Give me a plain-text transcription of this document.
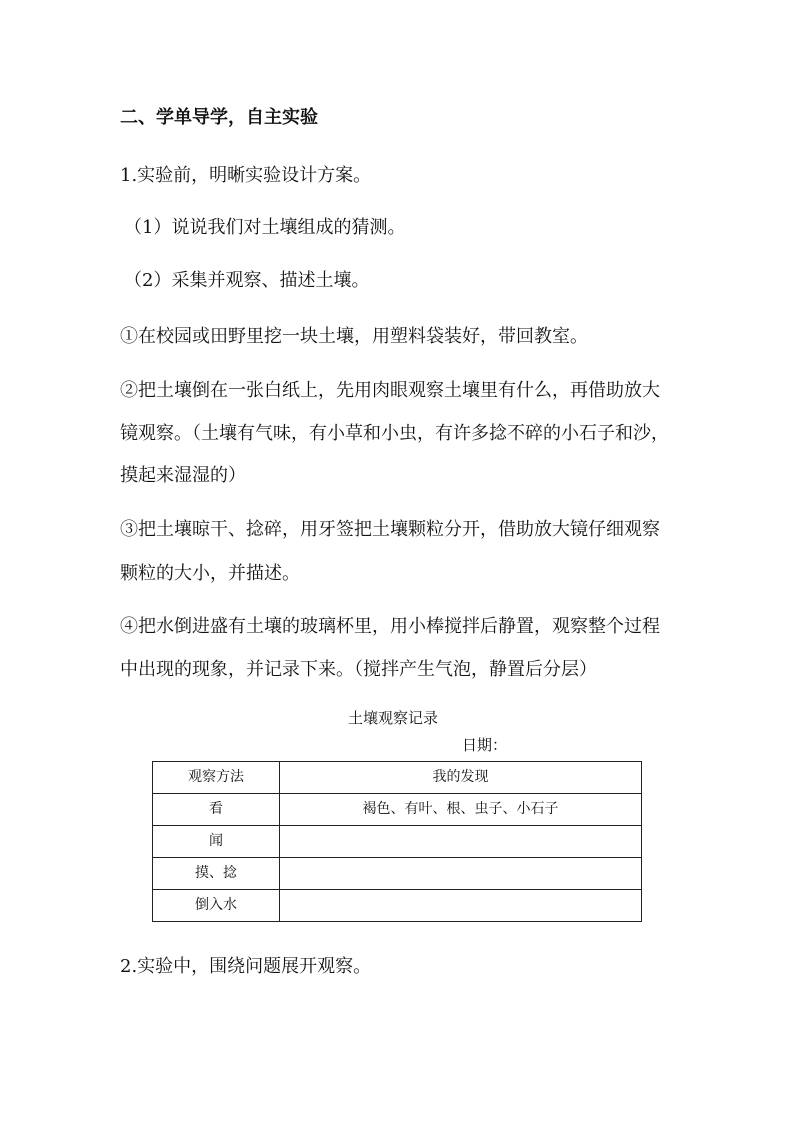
二、学单导学，自主实验
1.实验前，明晰实验设计方案。
（1）说说我们对土壤组成的猜测。
（2）采集并观察、描述土壤。
①在校园或田野里挖一块土壤，用塑料袋装好，带回教室。
②把土壤倒在一张白纸上，先用肉眼观察土壤里有什么，再借助放大
镜观察。（土壤有气味，有小草和小虫，有许多捻不碎的小石子和沙，
摸起来湿湿的）
③把土壤晾干、捻碎，用牙签把土壤颗粒分开，借助放大镜仔细观察
颗粒的大小，并描述。
④把水倒进盛有土壤的玻璃杯里，用小棒搅拌后静置，观察整个过程
中出现的现象，并记录下来。（搅拌产生气泡，静置后分层）
土壤观察记录
日期：
观察方法	我的发现
看	褐色、有叶、根、虫子、小石子
闻	
摸、捻	
倒入水	
2.实验中，围绕问题展开观察。
